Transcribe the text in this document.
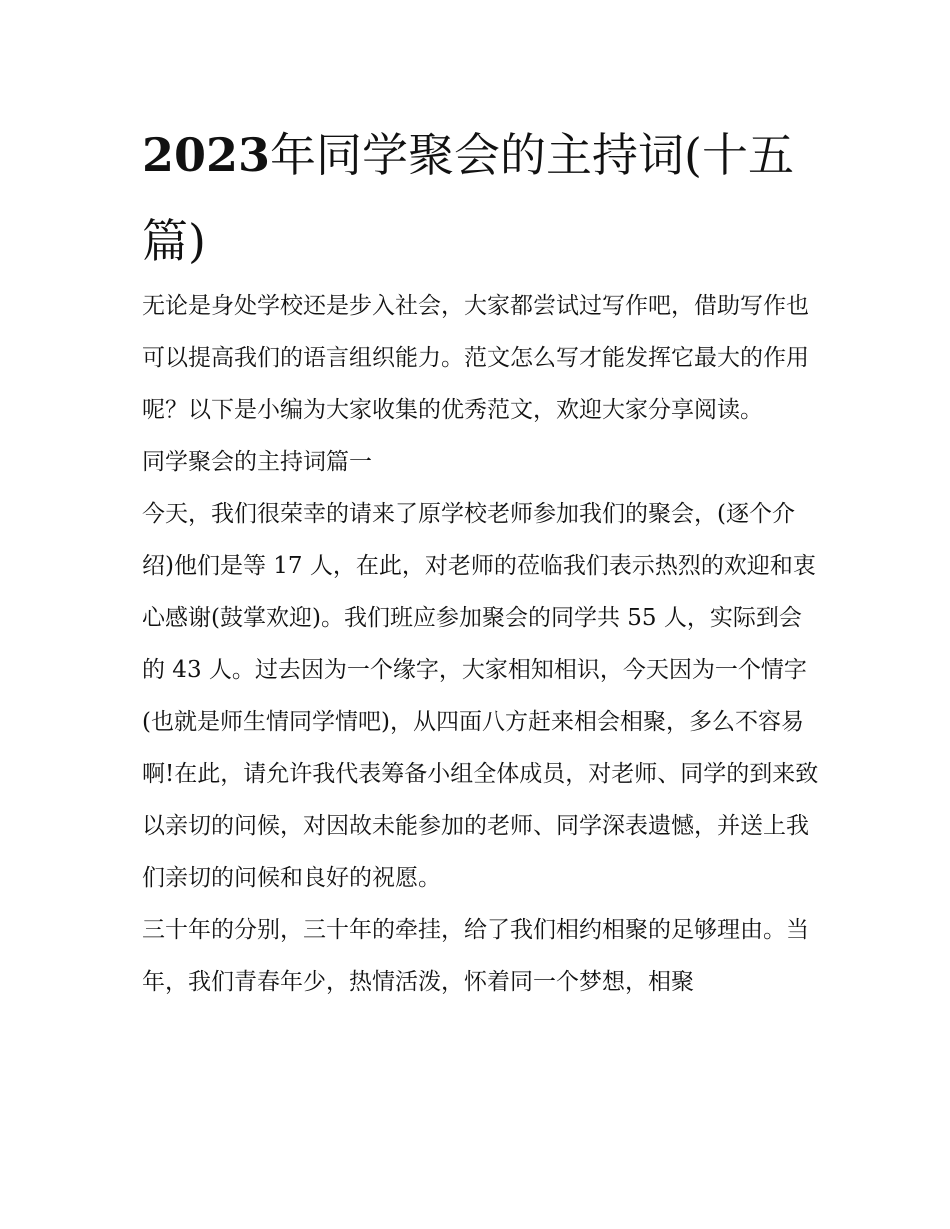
2023年同学聚会的主持词(十五篇)

无论是身处学校还是步入社会，大家都尝试过写作吧，借助写作也可以提高我们的语言组织能力。范文怎么写才能发挥它最大的作用呢？以下是小编为大家收集的优秀范文，欢迎大家分享阅读。

同学聚会的主持词篇一

今天，我们很荣幸的请来了原学校老师参加我们的聚会，(逐个介绍)他们是等 17 人，在此，对老师的莅临我们表示热烈的欢迎和衷心感谢(鼓掌欢迎)。我们班应参加聚会的同学共 55 人，实际到会的 43 人。过去因为一个缘字，大家相知相识，今天因为一个情字(也就是师生情同学情吧)，从四面八方赶来相会相聚，多么不容易啊!在此，请允许我代表筹备小组全体成员，对老师、同学的到来致以亲切的问候，对因故未能参加的老师、同学深表遗憾，并送上我们亲切的问候和良好的祝愿。

三十年的分别，三十年的牵挂，给了我们相约相聚的足够理由。当年，我们青春年少，热情活泼，怀着同一个梦想，相聚
